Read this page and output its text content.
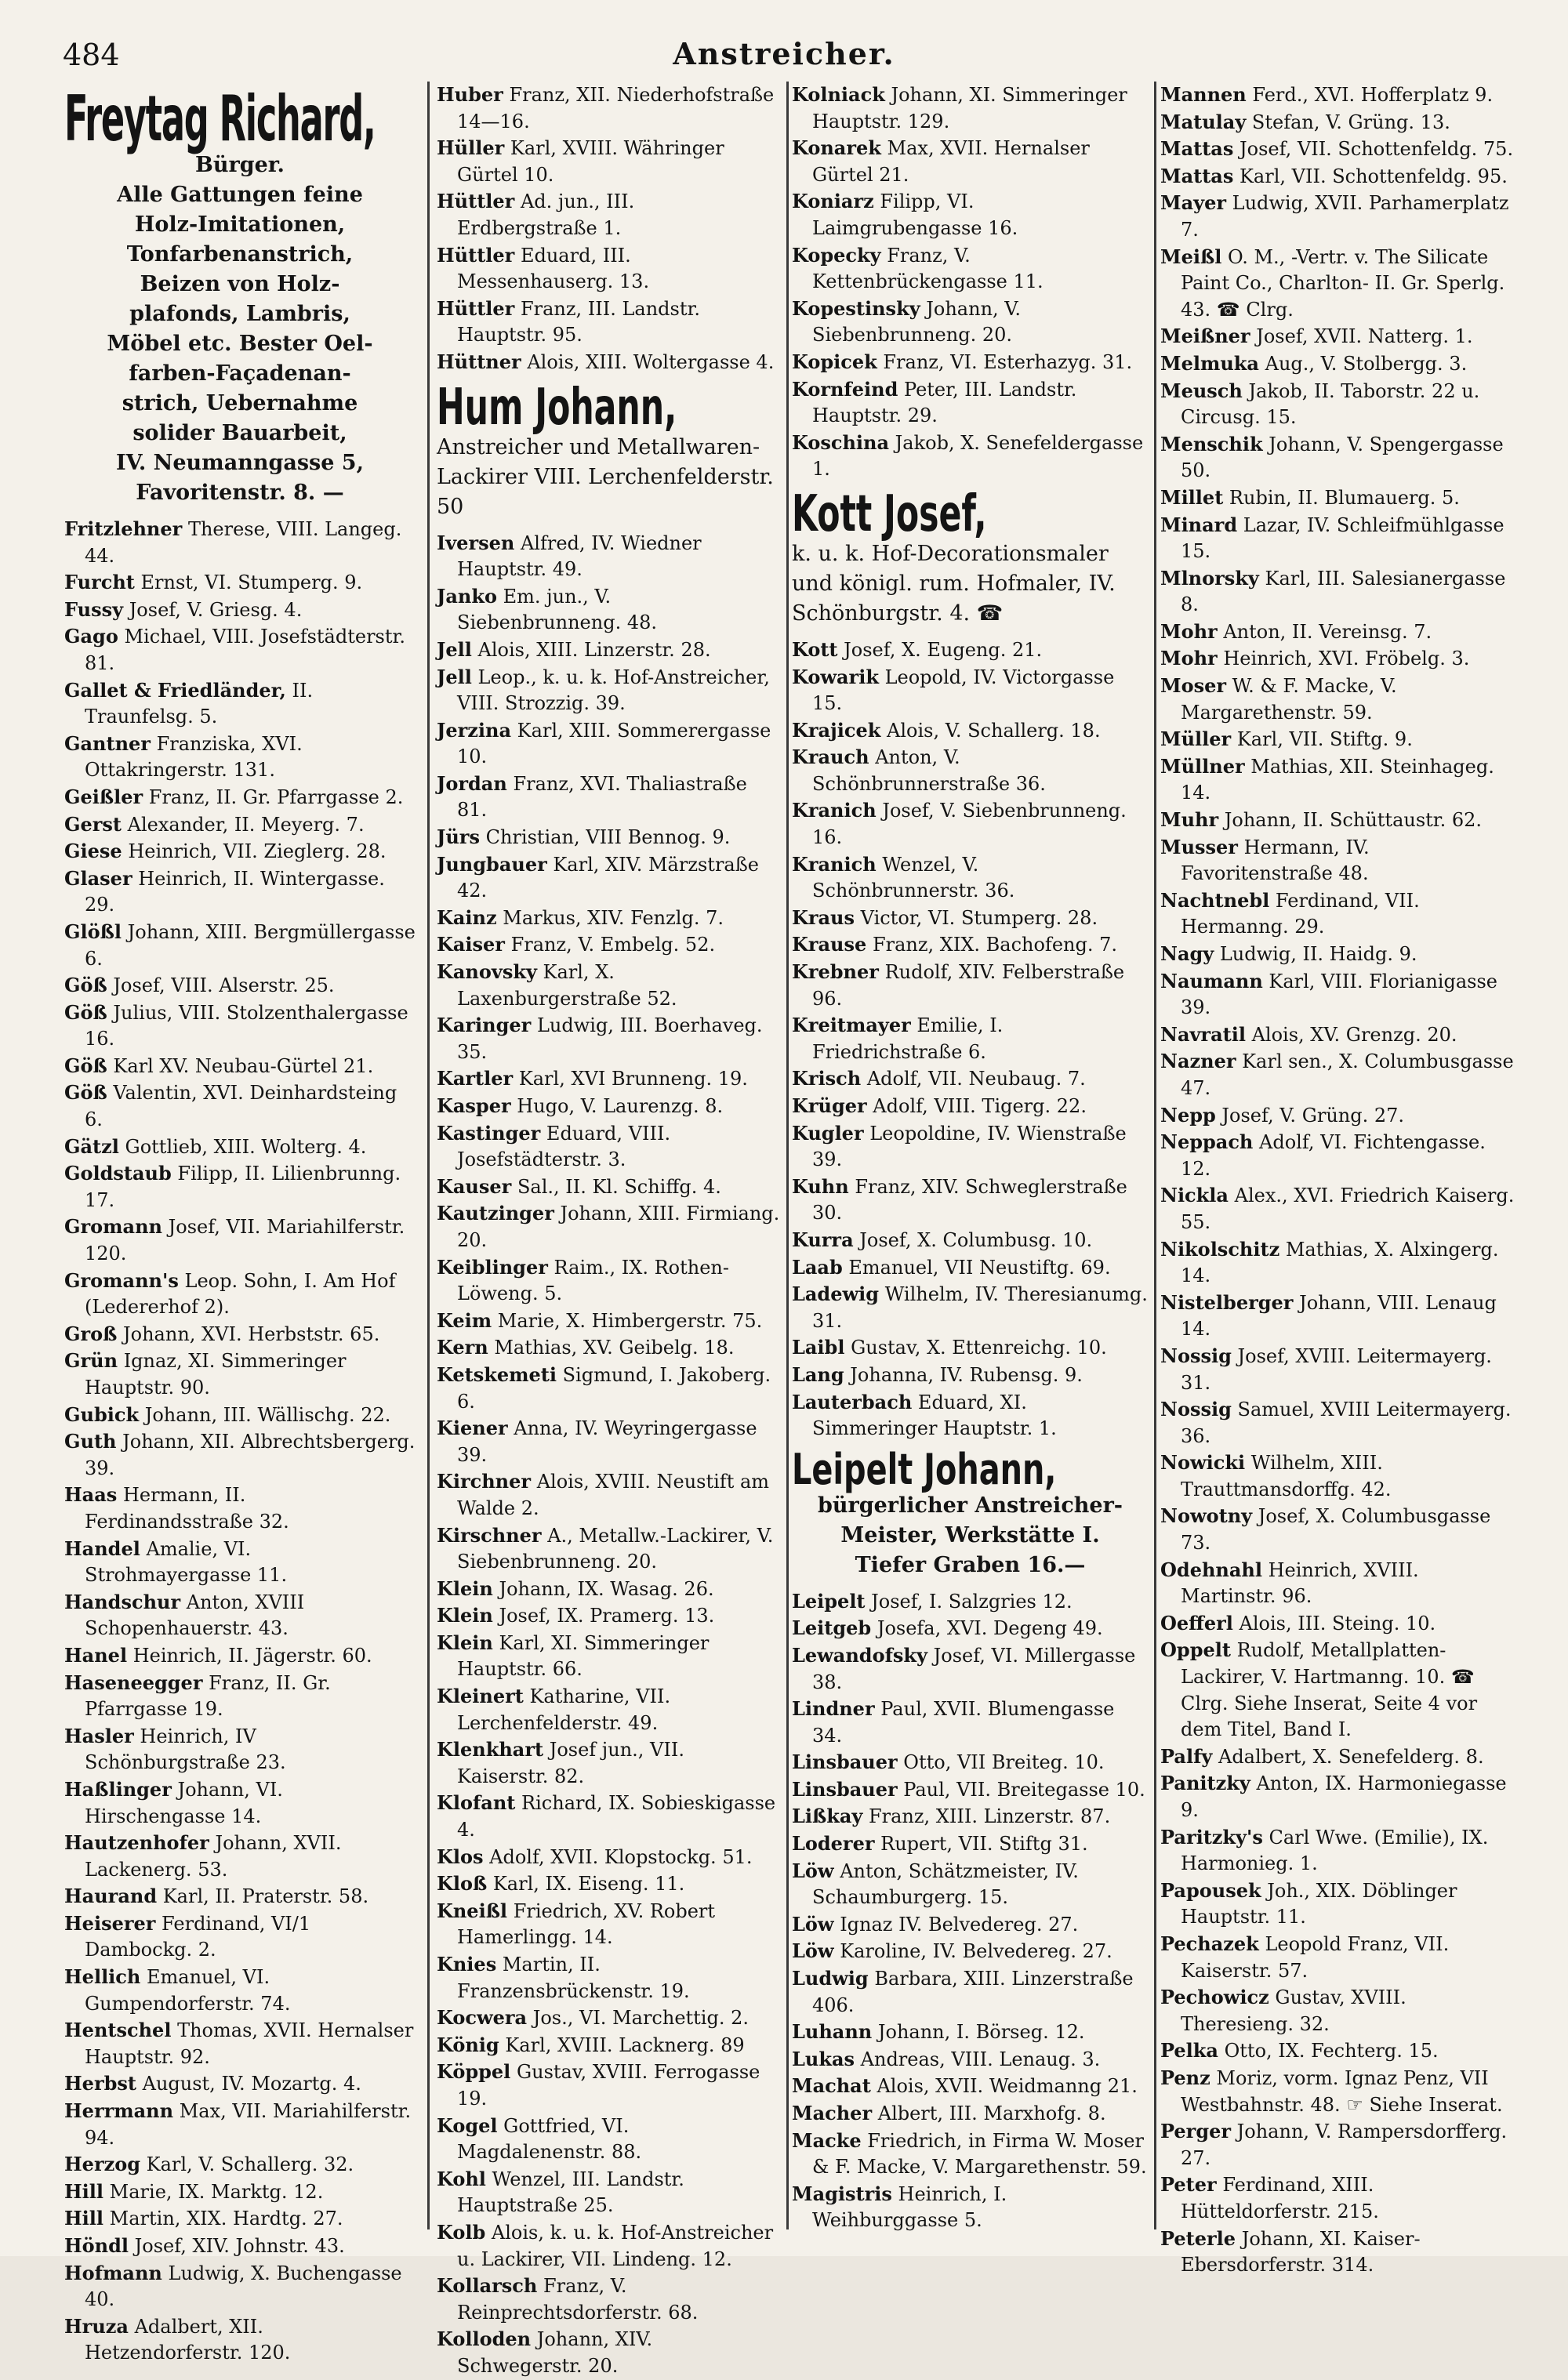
484	Anstreicher.
Freytag Richard,
Bürger.
Alle Gattungen feine
Holz-Imitationen,
Tonfarbenanstrich,
Beizen von Holz-
plafonds, Lambris,
Möbel etc. Bester Oel-
farben-Façadenan-
strich, Uebernahme
solider Bauarbeit,
IV. Neumanngasse 5,
Favoritenstr. 8. —
Fritzlehner Therese, VIII. Langeg. 44.
Furcht Ernst, VI. Stumperg. 9.
Fussy Josef, V. Griesg. 4.
Gago Michael, VIII. Josefstädterstr. 81.
Gallet & Friedländer, II. Traunfelsg. 5.
Gantner Franziska, XVI. Ottakringerstr. 131.
Geißler Franz, II. Gr. Pfarrgasse 2.
Gerst Alexander, II. Meyerg. 7.
Giese Heinrich, VII. Zieglerg. 28.
Glaser Heinrich, II. Wintergasse. 29.
Glößl Johann, XIII. Bergmüllergasse 6.
Göß Josef, VIII. Alserstr. 25.
Göß Julius, VIII. Stolzenthalergasse 16.
Göß Karl XV. Neubau-Gürtel 21.
Göß Valentin, XVI. Deinhardsteing 6.
Gätzl Gottlieb, XIII. Wolterg. 4.
Goldstaub Filipp, II. Lilienbrunng. 17.
Gromann Josef, VII. Mariahilferstr. 120.
Gromann's Leop. Sohn, I. Am Hof (Ledererhof 2).
Groß Johann, XVI. Herbststr. 65.
Grün Ignaz, XI. Simmeringer Hauptstr. 90.
Gubick Johann, III. Wällischg. 22.
Guth Johann, XII. Albrechtsbergerg. 39.
Haas Hermann, II. Ferdinandsstraße 32.
Handel Amalie, VI. Strohmayergasse 11.
Handschur Anton, XVIII Schopenhauerstr. 43.
Hanel Heinrich, II. Jägerstr. 60.
Haseneegger Franz, II. Gr. Pfarrgasse 19.
Hasler Heinrich, IV Schönburgstraße 23.
Haßlinger Johann, VI. Hirschengasse 14.
Hautzenhofer Johann, XVII. Lackenerg. 53.
Haurand Karl, II. Praterstr. 58.
Heiserer Ferdinand, VI/1 Dambockg. 2.
Hellich Emanuel, VI. Gumpendorferstr. 74.
Hentschel Thomas, XVII. Hernalser Hauptstr. 92.
Herbst August, IV. Mozartg. 4.
Herrmann Max, VII. Mariahilferstr. 94.
Herzog Karl, V. Schallerg. 32.
Hill Marie, IX. Marktg. 12.
Hill Martin, XIX. Hardtg. 27.
Höndl Josef, XIV. Johnstr. 43.
Hofmann Ludwig, X. Buchengasse 40.
Hruza Adalbert, XII. Hetzendorferstr. 120.
Huber Franz, XII. Niederhofstraße 14—16.
Hüller Karl, XVIII. Währinger Gürtel 10.
Hüttler Ad. jun., III. Erdbergstraße 1.
Hüttler Eduard, III. Messenhauserg. 13.
Hüttler Franz, III. Landstr. Hauptstr. 95.
Hüttner Alois, XIII. Woltergasse 4.
Hum Johann,
Anstreicher und Metallwaren-
Lackirer VIII. Lerchenfelderstr. 50
Iversen Alfred, IV. Wiedner Hauptstr. 49.
Janko Em. jun., V. Siebenbrunneng. 48.
Jell Alois, XIII. Linzerstr. 28.
Jell Leop., k. u. k. Hof-Anstreicher, VIII. Strozzig. 39.
Jerzina Karl, XIII. Sommerergasse 10.
Jordan Franz, XVI. Thaliastraße 81.
Jürs Christian, VIII Bennog. 9.
Jungbauer Karl, XIV. Märzstraße 42.
Kainz Markus, XIV. Fenzlg. 7.
Kaiser Franz, V. Embelg. 52.
Kanovsky Karl, X. Laxenburgerstraße 52.
Karinger Ludwig, III. Boerhaveg. 35.
Kartler Karl, XVI Brunneng. 19.
Kasper Hugo, V. Laurenzg. 8.
Kastinger Eduard, VIII. Josefstädterstr. 3.
Kauser Sal., II. Kl. Schiffg. 4.
Kautzinger Johann, XIII. Firmiang. 20.
Keiblinger Raim., IX. Rothen-Löweng. 5.
Keim Marie, X. Himbergerstr. 75.
Kern Mathias, XV. Geibelg. 18.
Ketskemeti Sigmund, I. Jakoberg. 6.
Kiener Anna, IV. Weyringergasse 39.
Kirchner Alois, XVIII. Neustift am Walde 2.
Kirschner A., Metallw.-Lackirer, V. Siebenbrunneng. 20.
Klein Johann, IX. Wasag. 26.
Klein Josef, IX. Pramerg. 13.
Klein Karl, XI. Simmeringer Hauptstr. 66.
Kleinert Katharine, VII. Lerchenfelderstr. 49.
Klenkhart Josef jun., VII. Kaiserstr. 82.
Klofant Richard, IX. Sobieskigasse 4.
Klos Adolf, XVII. Klopstockg. 51.
Kloß Karl, IX. Eiseng. 11.
Kneißl Friedrich, XV. Robert Hamerlingg. 14.
Knies Martin, II. Franzensbrückenstr. 19.
Kocwera Jos., VI. Marchettig. 2.
König Karl, XVIII. Lacknerg. 89
Köppel Gustav, XVIII. Ferrogasse 19.
Kogel Gottfried, VI. Magdalenenstr. 88.
Kohl Wenzel, III. Landstr. Hauptstraße 25.
Kolb Alois, k. u. k. Hof-Anstreicher u. Lackirer, VII. Lindeng. 12.
Kollarsch Franz, V. Reinprechtsdorferstr. 68.
Kolloden Johann, XIV. Schwegerstr. 20.
Kolniack Johann, XI. Simmeringer Hauptstr. 129.
Konarek Max, XVII. Hernalser Gürtel 21.
Koniarz Filipp, VI. Laimgrubengasse 16.
Kopecky Franz, V. Kettenbrückengasse 11.
Kopestinsky Johann, V. Siebenbrunneng. 20.
Kopicek Franz, VI. Esterhazyg. 31.
Kornfeind Peter, III. Landstr. Hauptstr. 29.
Koschina Jakob, X. Senefeldergasse 1.
Kott Josef,
k. u. k. Hof-Decorationsmaler
und königl. rum. Hofmaler, IV.
Schönburgstr. 4. ☎
Kott Josef, X. Eugeng. 21.
Kowarik Leopold, IV. Victorgasse 15.
Krajicek Alois, V. Schallerg. 18.
Krauch Anton, V. Schönbrunnerstraße 36.
Kranich Josef, V. Siebenbrunneng. 16.
Kranich Wenzel, V. Schönbrunnerstr. 36.
Kraus Victor, VI. Stumperg. 28.
Krause Franz, XIX. Bachofeng. 7.
Krebner Rudolf, XIV. Felberstraße 96.
Kreitmayer Emilie, I. Friedrichstraße 6.
Krisch Adolf, VII. Neubaug. 7.
Krüger Adolf, VIII. Tigerg. 22.
Kugler Leopoldine, IV. Wienstraße 39.
Kuhn Franz, XIV. Schweglerstraße 30.
Kurra Josef, X. Columbusg. 10.
Laab Emanuel, VII Neustiftg. 69.
Ladewig Wilhelm, IV. Theresianumg. 31.
Laibl Gustav, X. Ettenreichg. 10.
Lang Johanna, IV. Rubensg. 9.
Lauterbach Eduard, XI. Simmeringer Hauptstr. 1.
Leipelt Johann,
bürgerlicher Anstreicher-
Meister, Werkstätte I.
Tiefer Graben 16.—
Leipelt Josef, I. Salzgries 12.
Leitgeb Josefa, XVI. Degeng 49.
Lewandofsky Josef, VI. Millergasse 38.
Lindner Paul, XVII. Blumengasse 34.
Linsbauer Otto, VII Breiteg. 10.
Linsbauer Paul, VII. Breitegasse 10.
Lißkay Franz, XIII. Linzerstr. 87.
Loderer Rupert, VII. Stiftg 31.
Löw Anton, Schätzmeister, IV. Schaumburgerg. 15.
Löw Ignaz IV. Belvedereg. 27.
Löw Karoline, IV. Belvedereg. 27.
Ludwig Barbara, XIII. Linzerstraße 406.
Luhann Johann, I. Börseg. 12.
Lukas Andreas, VIII. Lenaug. 3.
Machat Alois, XVII. Weidmanng 21.
Macher Albert, III. Marxhofg. 8.
Macke Friedrich, in Firma W. Moser & F. Macke, V. Margarethenstr. 59.
Magistris Heinrich, I. Weihburggasse 5.
Mannen Ferd., XVI. Hofferplatz 9.
Matulay Stefan, V. Grüng. 13.
Mattas Josef, VII. Schottenfeldg. 75.
Mattas Karl, VII. Schottenfeldg. 95.
Mayer Ludwig, XVII. Parhamerplatz 7.
Meißl O. M., -Vertr. v. The Silicate Paint Co., Charlton- II. Gr. Sperlg. 43. ☎ Clrg.
Meißner Josef, XVII. Natterg. 1.
Melmuka Aug., V. Stolbergg. 3.
Meusch Jakob, II. Taborstr. 22 u. Circusg. 15.
Menschik Johann, V. Spengergasse 50.
Millet Rubin, II. Blumauerg. 5.
Minard Lazar, IV. Schleifmühlgasse 15.
Mlnorsky Karl, III. Salesianergasse 8.
Mohr Anton, II. Vereinsg. 7.
Mohr Heinrich, XVI. Fröbelg. 3.
Moser W. & F. Macke, V. Margarethenstr. 59.
Müller Karl, VII. Stiftg. 9.
Müllner Mathias, XII. Steinhageg. 14.
Muhr Johann, II. Schüttaustr. 62.
Musser Hermann, IV. Favoritenstraße 48.
Nachtnebl Ferdinand, VII. Hermanng. 29.
Nagy Ludwig, II. Haidg. 9.
Naumann Karl, VIII. Florianigasse 39.
Navratil Alois, XV. Grenzg. 20.
Nazner Karl sen., X. Columbusgasse 47.
Nepp Josef, V. Grüng. 27.
Neppach Adolf, VI. Fichtengasse. 12.
Nickla Alex., XVI. Friedrich Kaiserg. 55.
Nikolschitz Mathias, X. Alxingerg. 14.
Nistelberger Johann, VIII. Lenaug 14.
Nossig Josef, XVIII. Leitermayerg. 31.
Nossig Samuel, XVIII Leitermayerg. 36.
Nowicki Wilhelm, XIII. Trauttmansdorffg. 42.
Nowotny Josef, X. Columbusgasse 73.
Odehnahl Heinrich, XVIII. Martinstr. 96.
Oefferl Alois, III. Steing. 10.
Oppelt Rudolf, Metallplatten-Lackirer, V. Hartmanng. 10. ☎ Clrg. Siehe Inserat, Seite 4 vor dem Titel, Band I.
Palfy Adalbert, X. Senefelderg. 8.
Panitzky Anton, IX. Harmoniegasse 9.
Paritzky's Carl Wwe. (Emilie), IX. Harmonieg. 1.
Papousek Joh., XIX. Döblinger Hauptstr. 11.
Pechazek Leopold Franz, VII. Kaiserstr. 57.
Pechowicz Gustav, XVIII. Theresieng. 32.
Pelka Otto, IX. Fechterg. 15.
Penz Moriz, vorm. Ignaz Penz, VII Westbahnstr. 48. ☞ Siehe Inserat.
Perger Johann, V. Rampersdorfferg. 27.
Peter Ferdinand, XIII. Hütteldorferstr. 215.
Peterle Johann, XI. Kaiser-Ebersdorferstr. 314.
